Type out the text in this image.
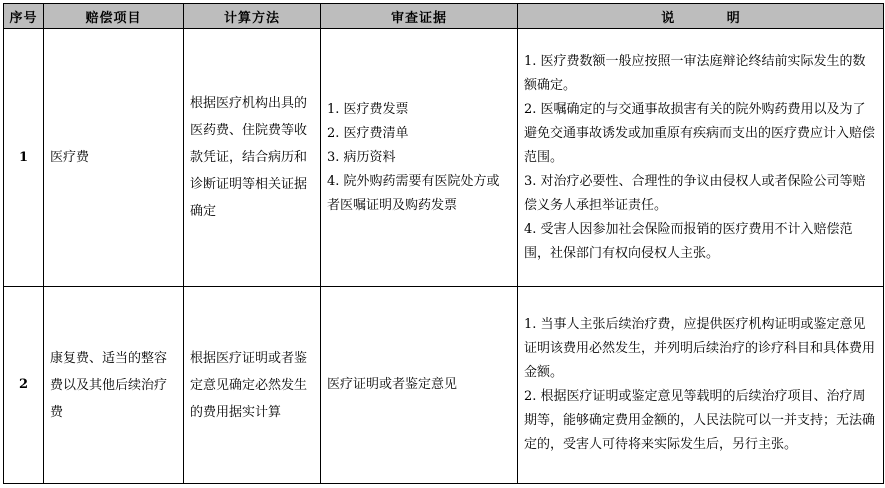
序号	赔偿项目	计算方法	审查证据	说 明
1	医疗费	根据医疗机构出具的医药费、住院费等收款凭证，结合病历和诊断证明等相关证据确定	1. 医疗费发票
2. 医疗费清单
3. 病历资料
4. 院外购药需要有医院处方或者医嘱证明及购药发票	1. 医疗费数额一般应按照一审法庭辩论终结前实际发生的数额确定。
2. 医嘱确定的与交通事故损害有关的院外购药费用以及为了避免交通事故诱发或加重原有疾病而支出的医疗费应计入赔偿范围。
3. 对治疗必要性、合理性的争议由侵权人或者保险公司等赔偿义务人承担举证责任。
4. 受害人因参加社会保险而报销的医疗费用不计入赔偿范围，社保部门有权向侵权人主张。

2	康复费、适当的整容费以及其他后续治疗费	根据医疗证明或者鉴定意见确定必然发生的费用据实计算	医疗证明或者鉴定意见	1. 当事人主张后续治疗费，应提供医疗机构证明或鉴定意见证明该费用必然发生，并列明后续治疗的诊疗科目和具体费用金额。
2. 根据医疗证明或鉴定意见等载明的后续治疗项目、治疗周期等，能够确定费用金额的，人民法院可以一并支持；无法确定的，受害人可待将来实际发生后，另行主张。
